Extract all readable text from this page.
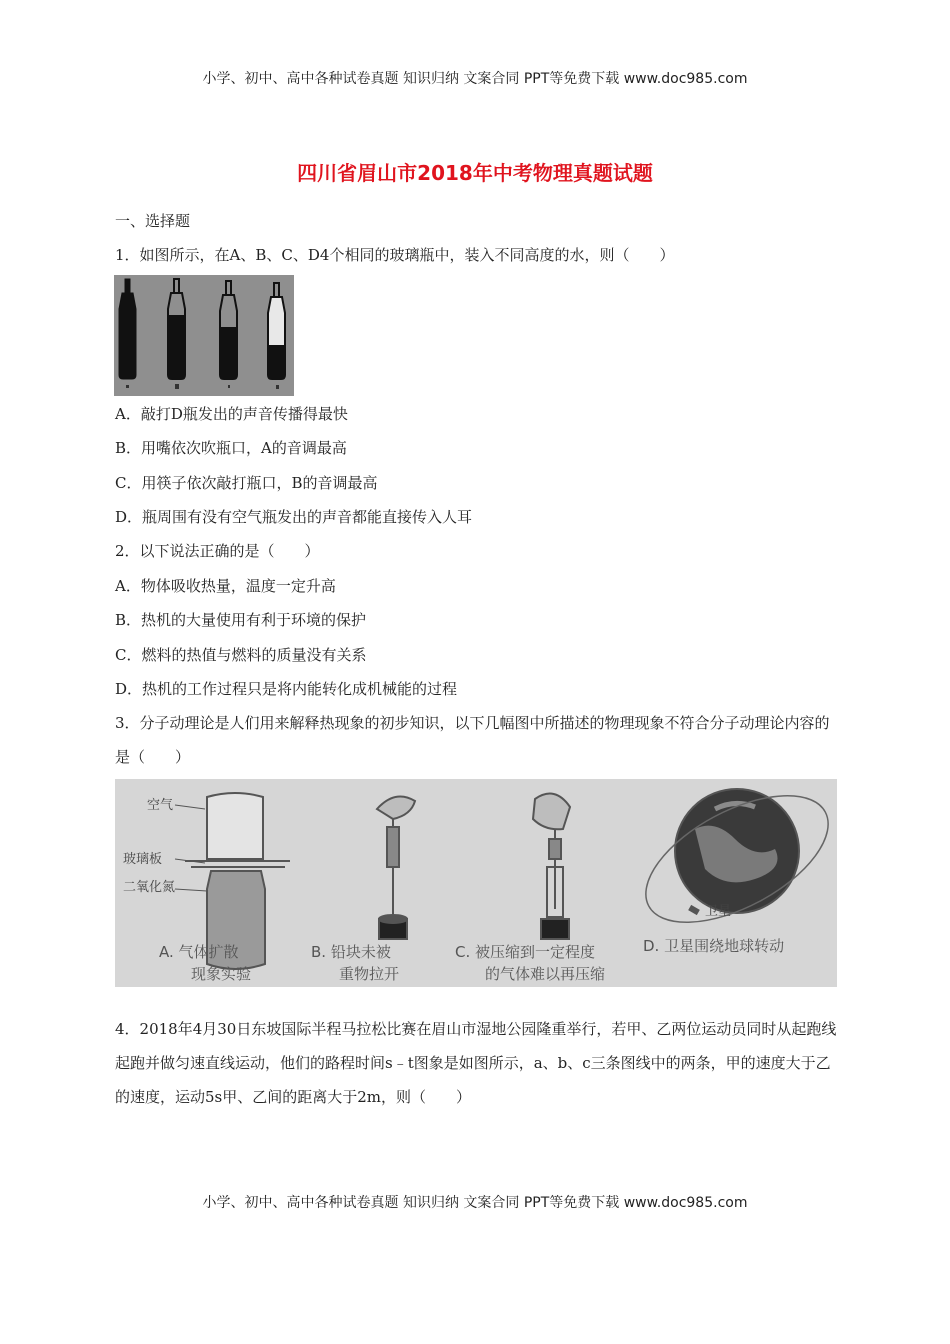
小学、初中、高中各种试卷真题 知识归纳 文案合同 PPT等免费下载 www.doc985.com
四川省眉山市2018年中考物理真题试题
一、选择题
1．如图所示，在A、B、C、D4个相同的玻璃瓶中，装入不同高度的水，则（　　）
A．敲打D瓶发出的声音传播得最快
B．用嘴依次吹瓶口，A的音调最高
C．用筷子依次敲打瓶口，B的音调最高
D．瓶周围有没有空气瓶发出的声音都能直接传入人耳
2．以下说法正确的是（　　）
A．物体吸收热量，温度一定升高
B．热机的大量使用有利于环境的保护
C．燃料的热值与燃料的质量没有关系
D．热机的工作过程只是将内能转化成机械能的过程
3．分子动理论是人们用来解释热现象的初步知识，以下几幅图中所描述的物理现象不符合分子动理论内容的是（　　）
空气
玻璃板
二氧化氮
A. 气体扩散
现象实验
B. 铅块未被
重物拉开
C. 被压缩到一定程度
的气体难以再压缩
卫星
D. 卫星围绕地球转动
4．2018年4月30日东坡国际半程马拉松比赛在眉山市湿地公园隆重举行，若甲、乙两位运动员同时从起跑线起跑并做匀速直线运动，他们的路程时间s﹣t图象是如图所示，a、b、c三条图线中的两条，甲的速度大于乙的速度，运动5s甲、乙间的距离大于2m，则（　　）
小学、初中、高中各种试卷真题 知识归纳 文案合同 PPT等免费下载 www.doc985.com
